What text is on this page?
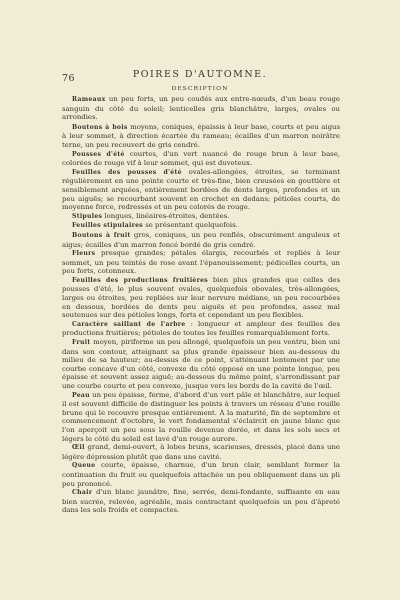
76	POIRES D'AUTOMNE.
DESCRIPTION

Rameaux un peu forts, un peu coudés aux entre-nœuds, d'un beau rouge sanguin du côté du soleil; lenticelles gris blanchâtre, larges, ovales ou arrondies.

Boutons à bois moyens, coniques, épaissis à leur base, courts et peu aigus à leur sommet, à direction écartée du rameau; écailles d'un marron noirâtre terne, un peu recouvert de gris cendré.

Pousses d'été courtes, d'un vert nuancé de rouge brun à leur base, colorées de rouge vif à leur sommet, qui est duveteux.

Feuilles des pousses d'été ovales-allongées, étroites, se terminant régulièrement en une pointe courte et très-fine, bien creusées en gouttière et sensiblement arquées, entièrement bordées de dents larges, profondes et un peu aiguës; se recourbant souvent en crochet en dedans; pétioles courts, de moyenne force, redressés et un peu colorés de rouge.

Stipules longues, linéaires-étroites, dentées.

Feuilles stipulaires se présentant quelquefois.

Boutons à fruit gros, coniques, un peu renflés, obscurément anguleux et aigus; écailles d'un marron foncé bordé de gris cendré.

Fleurs presque grandes; pétales élargis, recourbés et repliés à leur sommet, un peu teintés de rose avant l'épanouissement; pédicelles courts, un peu forts, cotonneux.

Feuilles des productions fruitières bien plus grandes que celles des pousses d'été, le plus souvent ovales, quelquefois obovales, très-allongées, larges ou étroites, peu repliées sur leur nervure médiane, un peu recourbées en dessous, bordées de dents peu aiguës et peu profondes, assez mal soutenues sur des pétioles longs, forts et cependant un peu flexibles.

Caractère saillant de l'arbre : longueur et ampleur des feuilles des productions fruitières; pétioles de toutes les feuilles remarquablement forts.

Fruit moyen, piriforme un peu allongé, quelquefois un peu ventru, bien uni dans son contour, atteignant sa plus grande épaisseur bien au-dessous du milieu de sa hauteur; au-dessus de ce point, s'atténuant lentement par une courbe concave d'un côté, convexe du côté opposé en une pointe longue, peu épaisse et souvent assez aiguë; au-dessous du même point, s'arrondissant par une courbe courte et peu convexe, jusque vers les bords de la cavité de l'œil.

Peau un peu épaisse, ferme, d'abord d'un vert pâle et blanchâtre, sur lequel il est souvent difficile de distinguer les points à travers un réseau d'une rouille brune qui le recouvre presque entièrement. À la maturité, fin de septembre et commencement d'octobre, le vert fondamental s'éclaircit en jaune blanc que l'on aperçoit un peu sous la rouille devenue dorée, et dans les sols secs et légers le côté du soleil est lavé d'un rouge aurore.

Œil grand, demi-ouvert, à lobes bruns, scarieuses, dressés, placé dans une légère dépression plutôt que dans une cavité.

Queue courte, épaisse, charnue, d'un brun clair, semblant former la continuation du fruit ou quelquefois attachée un peu obliquement dans un pli peu prononcé.

Chair d'un blanc jaunâtre, fine, serrée, demi-fondante, suffisante en eau bien sucrée, relevée, agréable, mais contractant quelquefois un peu d'âpreté dans les sols froids et compactes.
